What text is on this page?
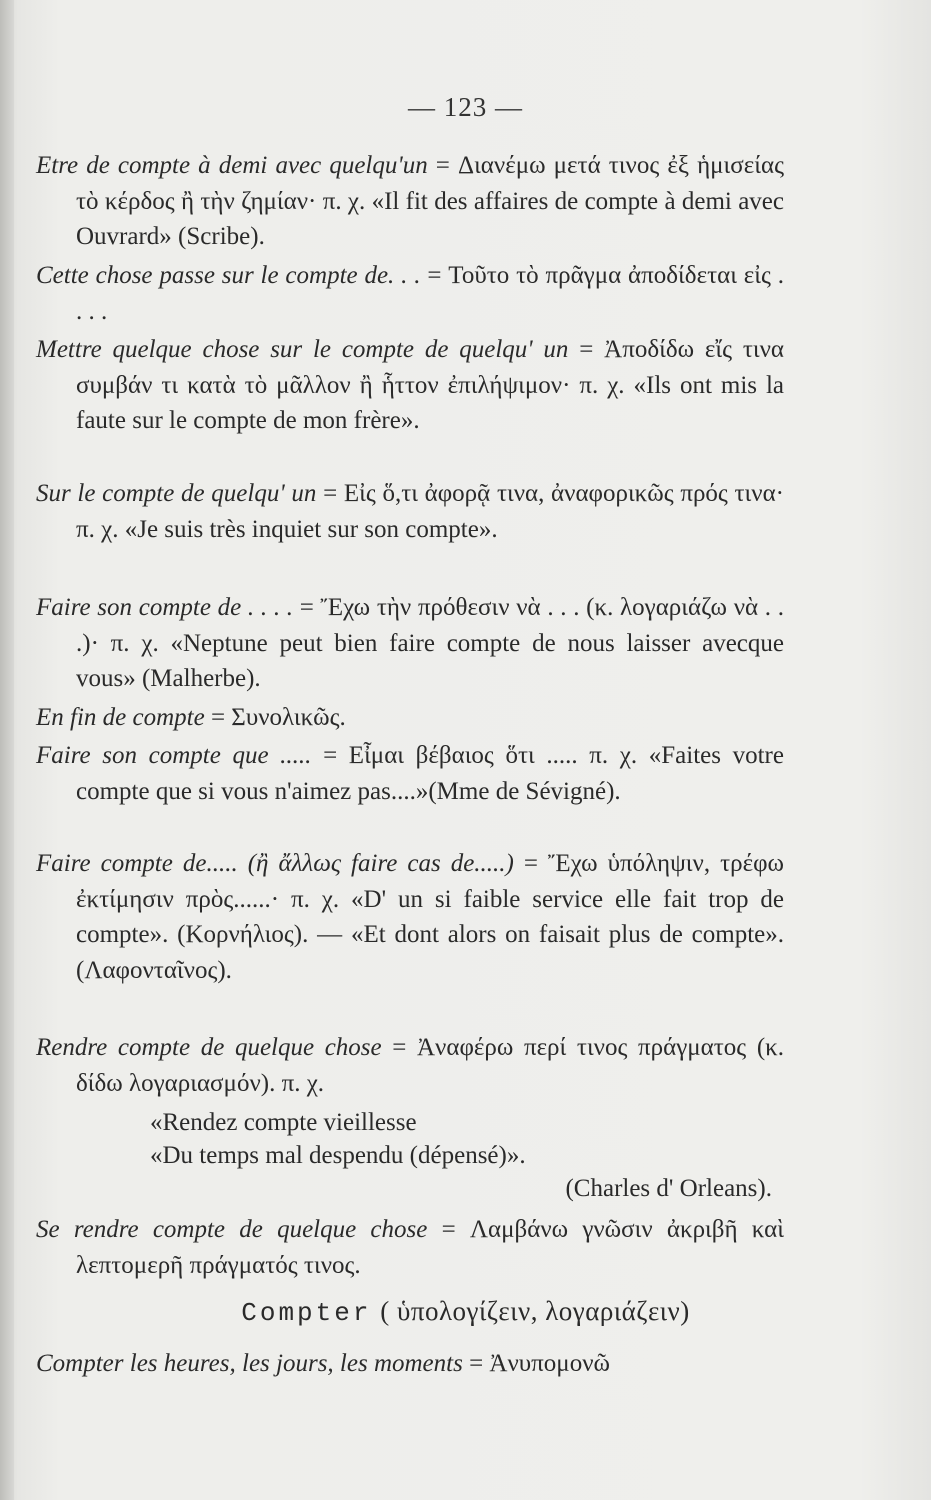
— 123 —
Etre de compte à demi avec quelqu'un = Διανέμω μετά τινος ἐξ ἡμισείας τὸ κέρδος ἢ τὴν ζημίαν· π. χ. «Il fit des affaires de compte à demi avec Ouvrard» (Scribe).
Cette chose passe sur le compte de. . . = Τοῦτο τὸ πρᾶγμα ἀποδίδεται εἰς . . . .
Mettre quelque chose sur le compte de quelqu' un = Ἀποδίδω εἴς τινα συμβάν τι κατὰ τὸ μᾶλλον ἢ ἧττον ἐπιλήψιμον· π. χ. «Ils ont mis la faute sur le compte de mon frère».
Sur le compte de quelqu' un = Εἰς ὅ,τι ἀφορᾷ τινα, ἀναφορικῶς πρός τινα· π. χ. «Je suis très inquiet sur son compte».
Faire son compte de . . . . = Ἔχω τὴν πρόθεσιν νὰ . . . (κ. λογαριάζω νὰ . . .)· π. χ. «Neptune peut bien faire compte de nous laisser avecque vous» (Malherbe).
En fin de compte = Συνολικῶς.
Faire son compte que ..... = Εἶμαι βέβαιος ὅτι ..... π. χ. «Faites votre compte que si vous n'aimez pas....»(Mme de Sévigné).
Faire compte de..... (ἢ ἄλλως faire cas de.....) = Ἔχω ὑπόληψιν, τρέφω ἐκτίμησιν πρὸς......· π. χ. «D' un si faible service elle fait trop de compte». (Κορνήλιος). — «Et dont alors on faisait plus de compte». (Λαφονταῖνος).
Rendre compte de quelque chose = Ἀναφέρω περί τινος πράγματος (κ. δίδω λογαριασμόν). π. χ.
«Rendez compte vieillesse
«Du temps mal despendu (dépensé)».
(Charles d' Orleans).
Se rendre compte de quelque chose = Λαμβάνω γνῶσιν ἀκριβῆ καὶ λεπτομερῆ πράγματός τινος.
Compter ( ὑπολογίζειν, λογαριάζειν)
Compter les heures, les jours, les moments = Ἀνυπομονῶ
